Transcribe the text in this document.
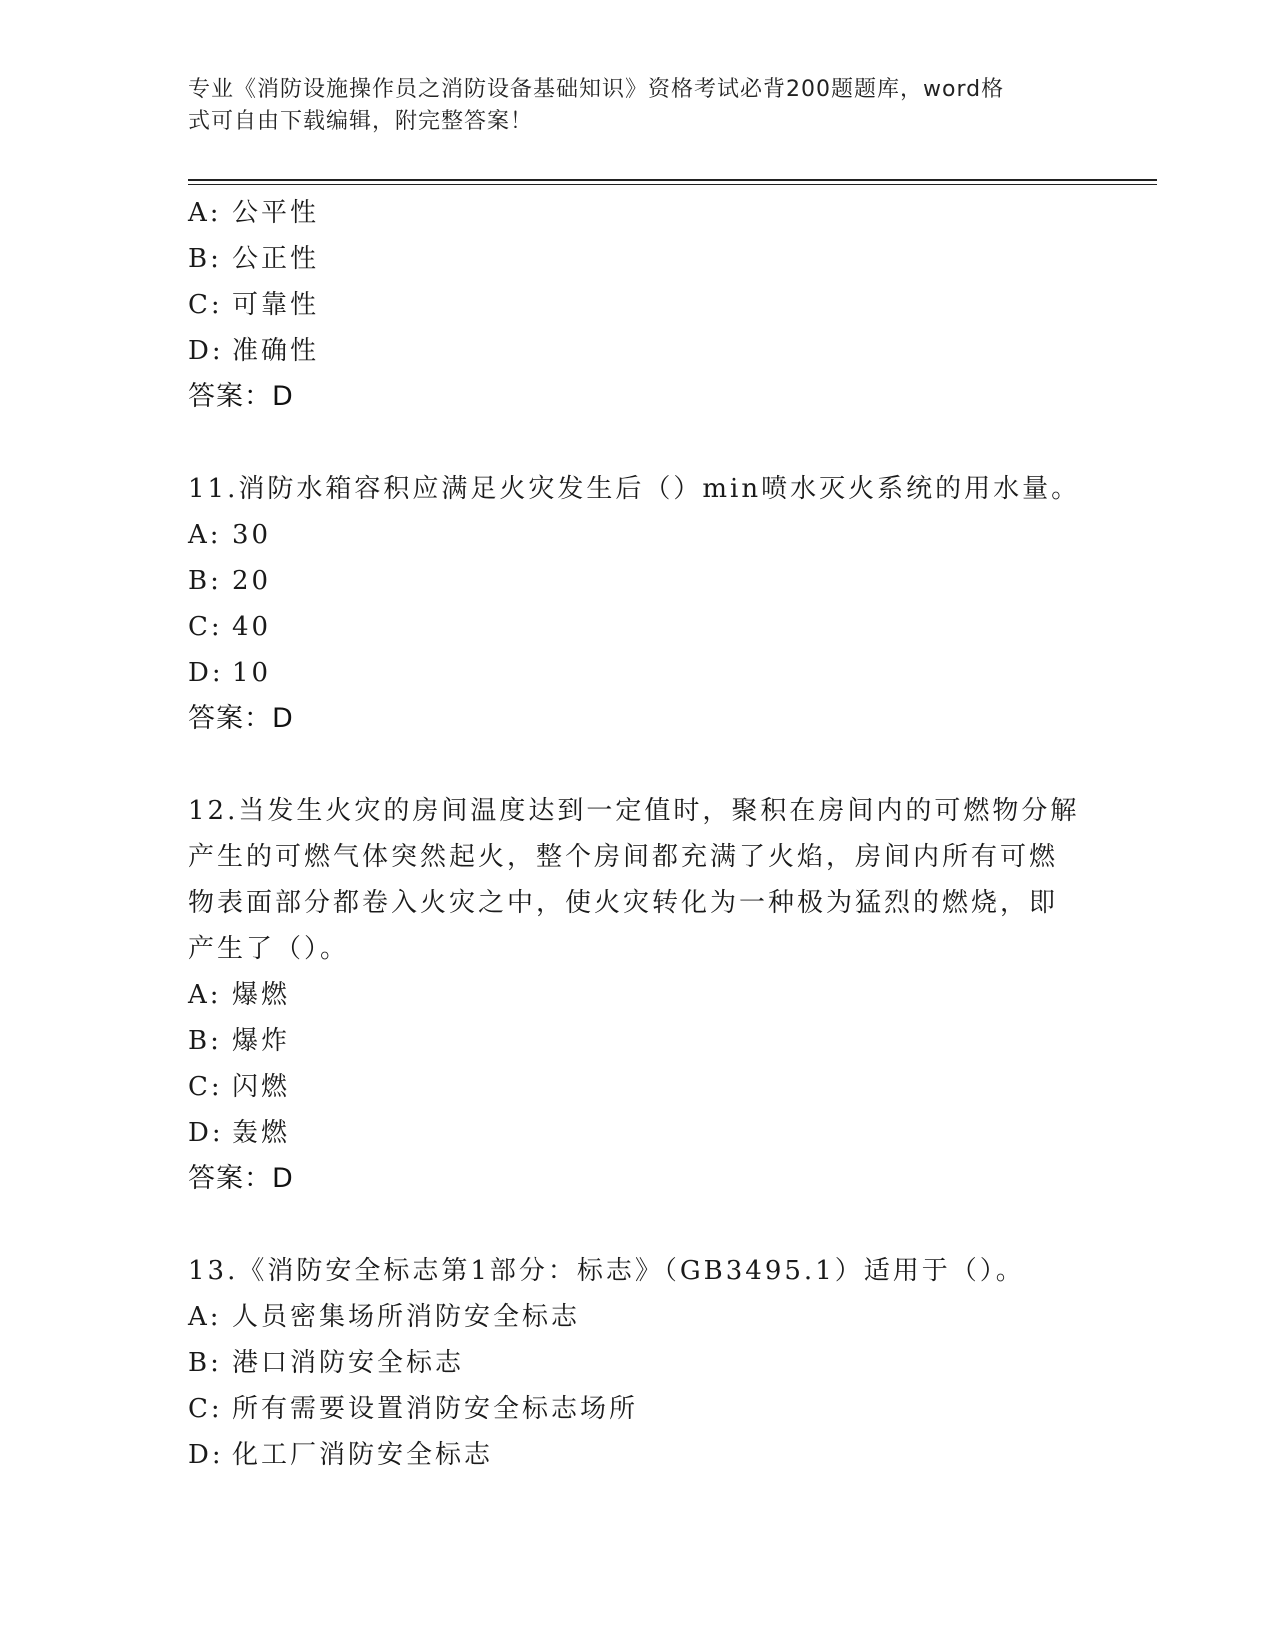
专业《消防设施操作员之消防设备基础知识》资格考试必背200题题库，word格
式可自由下载编辑，附完整答案！
A: 公平性
B: 公正性
C: 可靠性
D: 准确性
答案：D
11.消防水箱容积应满足火灾发生后（）min喷水灭火系统的用水量。
A: 30
B: 20
C: 40
D: 10
答案：D
12.当发生火灾的房间温度达到一定值时，聚积在房间内的可燃物分解
产生的可燃气体突然起火，整个房间都充满了火焰，房间内所有可燃
物表面部分都卷入火灾之中，使火灾转化为一种极为猛烈的燃烧，即
产生了（）。
A: 爆燃
B: 爆炸
C: 闪燃
D: 轰燃
答案：D
13.《消防安全标志第1部分：标志》（GB3495.1）适用于（）。
A: 人员密集场所消防安全标志
B: 港口消防安全标志
C: 所有需要设置消防安全标志场所
D: 化工厂消防安全标志
